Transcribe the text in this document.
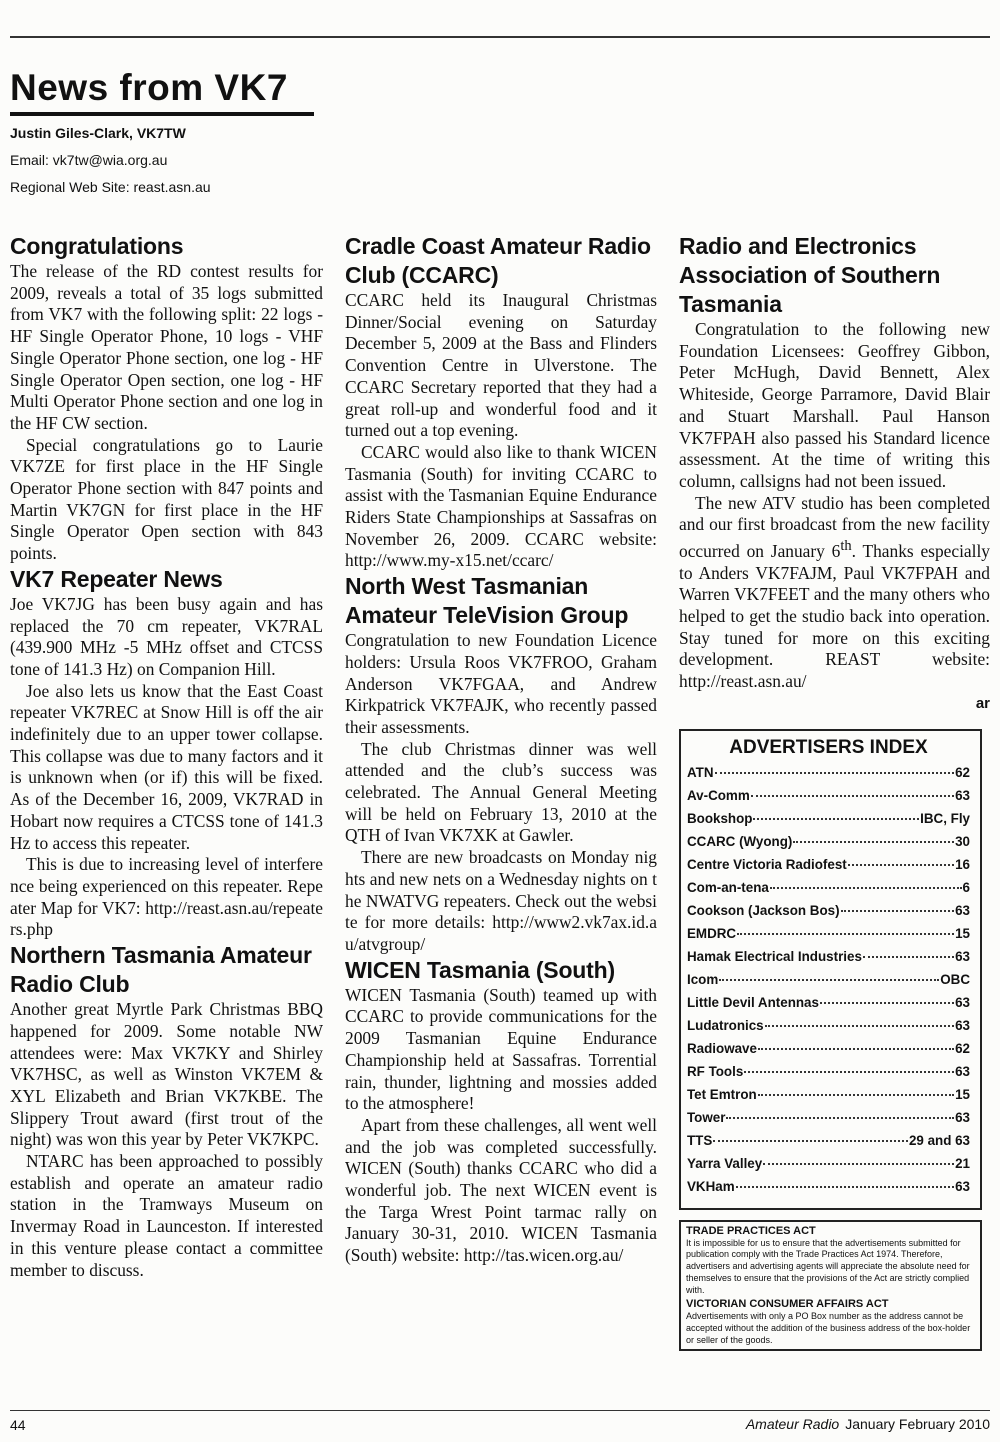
News from VK7
Justin Giles-Clark, VK7TW
Email: vk7tw@wia.org.au
Regional Web Site: reast.asn.au
Congratulations

The release of the RD contest results for 2009, reveals a total of 35 logs submitted from VK7 with the following split: 22 logs - HF Single Operator Phone, 10 logs - VHF Single Operator Phone section, one log - HF Single Operator Open section, one log - HF Multi Operator Phone section and one log in the HF CW section.

Special congratulations go to Laurie VK7ZE for first place in the HF Single Operator Phone section with 847 points and Martin VK7GN for first place in the HF Single Operator Open section with 843 points.

VK7 Repeater News

Joe VK7JG has been busy again and has replaced the 70 cm repeater, VK7RAL (439.900 MHz -5 MHz offset and CTCSS tone of 141.3 Hz) on Companion Hill.

Joe also lets us know that the East Coast repeater VK7REC at Snow Hill is off the air indefinitely due to an upper tower collapse. This collapse was due to many factors and it is unknown when (or if) this will be fixed. As of the December 16, 2009, VK7RAD in Hobart now requires a CTCSS tone of 141.3 Hz to access this repeater.

This is due to increasing level of interference being experienced on this repeater. Repeater Map for VK7: http://reast.asn.au/repeaters.php

Northern Tasmania Amateur Radio Club

Another great Myrtle Park Christmas BBQ happened for 2009. Some notable NW attendees were: Max VK7KY and Shirley VK7HSC, as well as Winston VK7EM & XYL Elizabeth and Brian VK7KBE. The Slippery Trout award (first trout of the night) was won this year by Peter VK7KPC.

NTARC has been approached to possibly establish and operate an amateur radio station in the Tramways Museum on Invermay Road in Launceston. If interested in this venture please contact a committee member to discuss.

Cradle Coast Amateur Radio Club (CCARC)

CCARC held its Inaugural Christmas Dinner/Social evening on Saturday December 5, 2009 at the Bass and Flinders Convention Centre in Ulverstone. The CCARC Secretary reported that they had a great roll-up and wonderful food and it turned out a top evening.

CCARC would also like to thank WICEN Tasmania (South) for inviting CCARC to assist with the Tasmanian Equine Endurance Riders State Championships at Sassafras on November 26, 2009. CCARC website: http://www.my-x15.net/ccarc/

North West Tasmanian Amateur TeleVision Group

Congratulation to new Foundation Licence holders: Ursula Roos VK7FROO, Graham Anderson VK7FGAA, and Andrew Kirkpatrick VK7FAJK, who recently passed their assessments.

The club Christmas dinner was well attended and the club’s success was celebrated. The Annual General Meeting will be held on February 13, 2010 at the QTH of Ivan VK7XK at Gawler.

There are new broadcasts on Monday nights and new nets on a Wednesday nights on the NWATVG repeaters. Check out the website for more details: http://www2.vk7ax.id.au/atvgroup/

WICEN Tasmania (South)

WICEN Tasmania (South) teamed up with CCARC to provide communications for the 2009 Tasmanian Equine Endurance Championship held at Sassafras. Torrential rain, thunder, lightning and mossies added to the atmosphere!

Apart from these challenges, all went well and the job was completed successfully. WICEN (South) thanks CCARC who did a wonderful job. The next WICEN event is the Targa Wrest Point tarmac rally on January 30-31, 2010. WICEN Tasmania (South) website: http://tas.wicen.org.au/

Radio and Electronics Association of Southern Tasmania

Congratulation to the following new Foundation Licensees: Geoffrey Gibbon, Peter McHugh, David Bennett, Alex Whiteside, George Parramore, David Blair and Stuart Marshall. Paul Hanson VK7FPAH also passed his Standard licence assessment. At the time of writing this column, callsigns had not been issued.

The new ATV studio has been completed and our first broadcast from the new facility occurred on January 6th. Thanks especially to Anders VK7FAJM, Paul VK7FPAH and Warren VK7FEET and the many others who helped to get the studio back into operation. Stay tuned for more on this exciting development. REAST website: http://reast.asn.au/

ar
ADVERTISERS INDEX
ATN	62
Av-Comm	63
Bookshop	IBC, Fly
CCARC (Wyong)	30
Centre Victoria Radiofest	16
Com-an-tena	6
Cookson (Jackson Bos)	63
EMDRC	15
Hamak Electrical Industries	63
Icom	OBC
Little Devil Antennas	63
Ludatronics	63
Radiowave	62
RF Tools	63
Tet Emtron	15
Tower	63
TTS	29 and 63
Yarra Valley	21
VKHam	63
TRADE PRACTICES ACT

It is impossible for us to ensure that the advertisements submitted for publication comply with the Trade Practices Act 1974. Therefore, advertisers and advertising agents will appreciate the absolute need for themselves to ensure that the provisions of the Act are strictly complied with.

VICTORIAN CONSUMER AFFAIRS ACT

Advertisements with only a PO Box number as the address cannot be accepted without the addition of the business address of the box-holder or seller of the goods.

44	Amateur Radio January February 2010
